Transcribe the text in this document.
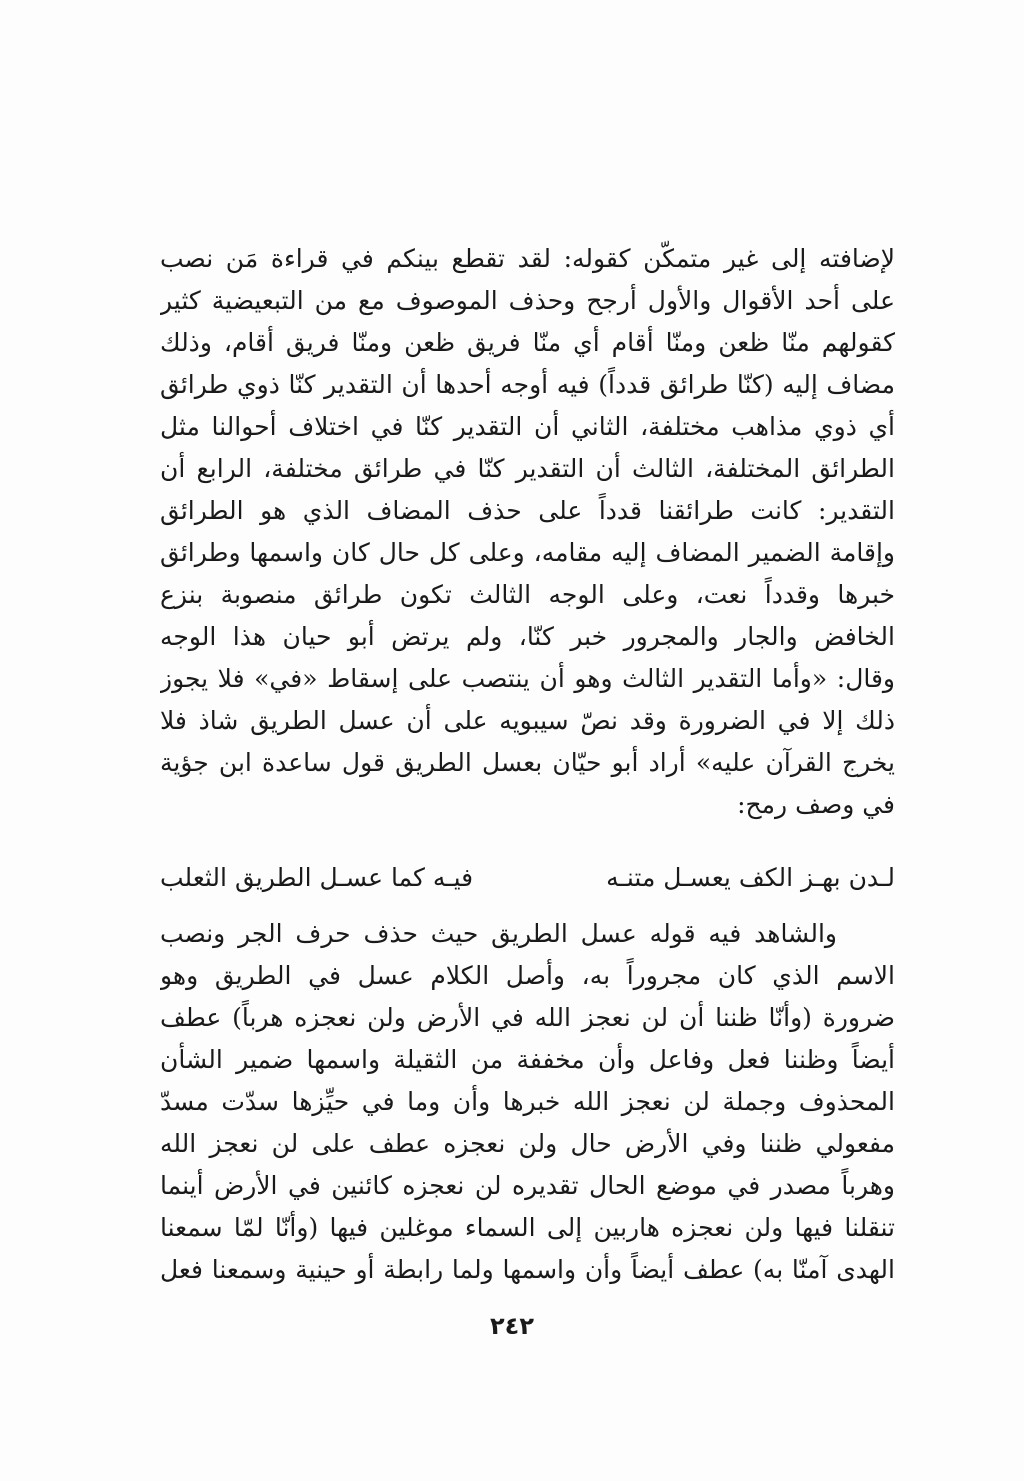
لإضافته إلى غير متمكّن كقوله: لقد تقطع بينكم في قراءة مَن نصب
على أحد الأقوال والأول أرجح وحذف الموصوف مع من التبعيضية كثير
كقولهم منّا ظعن ومنّا أقام أي منّا فريق ظعن ومنّا فريق أقام، وذلك
مضاف إليه (كنّا طرائق قدداً) فيه أوجه أحدها أن التقدير كنّا ذوي طرائق
أي ذوي مذاهب مختلفة، الثاني أن التقدير كنّا في اختلاف أحوالنا مثل
الطرائق المختلفة، الثالث أن التقدير كنّا في طرائق مختلفة، الرابع أن
التقدير: كانت طرائقنا قدداً على حذف المضاف الذي هو الطرائق
وإقامة الضمير المضاف إليه مقامه، وعلى كل حال كان واسمها وطرائق
خبرها وقدداً نعت، وعلى الوجه الثالث تكون طرائق منصوبة بنزع
الخافض والجار والمجرور خبر كنّا، ولم يرتض أبو حيان هذا الوجه
وقال: «وأما التقدير الثالث وهو أن ينتصب على إسقاط «في» فلا يجوز
ذلك إلا في الضرورة وقد نصّ سيبويه على أن عسل الطريق شاذ فلا
يخرج القرآن عليه» أراد أبو حيّان بعسل الطريق قول ساعدة ابن جؤية
في وصف رمح:
لـدن بهـز الكف يعسـل متنـه
فيـه كما عسـل الطريق الثعلب
والشاهد فيه قوله عسل الطريق حيث حذف حرف الجر ونصب
الاسم الذي كان مجروراً به، وأصل الكلام عسل في الطريق وهو
ضرورة (وأنّا ظننا أن لن نعجز الله في الأرض ولن نعجزه هرباً) عطف
أيضاً وظننا فعل وفاعل وأن مخففة من الثقيلة واسمها ضمير الشأن
المحذوف وجملة لن نعجز الله خبرها وأن وما في حيِّزها سدّت مسدّ
مفعولي ظننا وفي الأرض حال ولن نعجزه عطف على لن نعجز الله
وهرباً مصدر في موضع الحال تقديره لن نعجزه كائنين في الأرض أينما
تنقلنا فيها ولن نعجزه هاربين إلى السماء موغلين فيها (وأنّا لمّا سمعنا
الهدى آمنّا به) عطف أيضاً وأن واسمها ولما رابطة أو حينية وسمعنا فعل
٢٤٢
